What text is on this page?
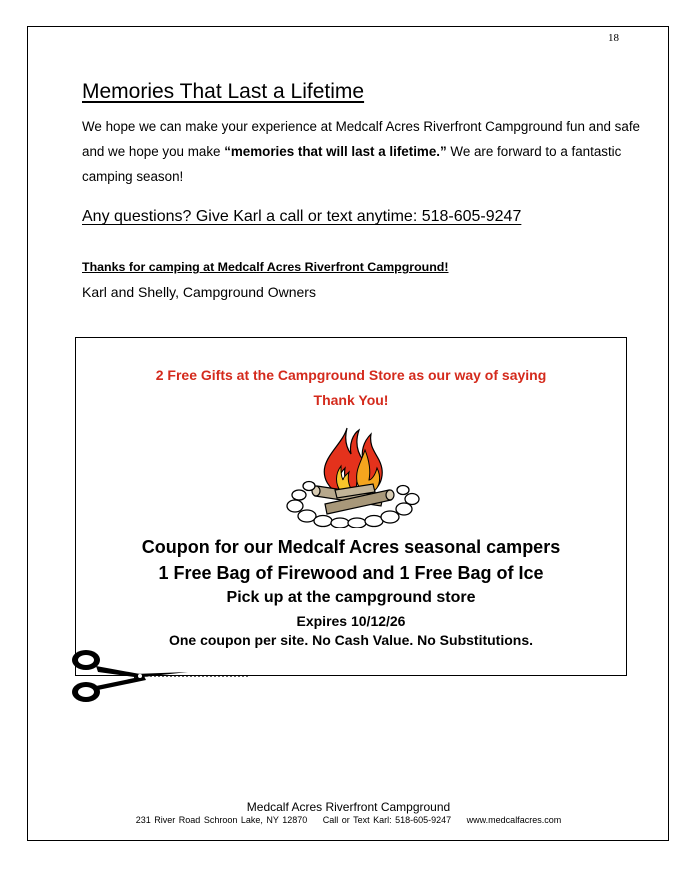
18
Memories That Last a Lifetime
We hope we can make your experience at Medcalf Acres Riverfront Campground fun and safe and we hope you make “memories that will last a lifetime.” We are forward to a fantastic camping season!
Any questions? Give Karl a call or text anytime: 518-605-9247
Thanks for camping at Medcalf Acres Riverfront Campground!
Karl and Shelly, Campground Owners
2 Free Gifts at the Campground Store as our way of saying
Thank You!
Coupon for our Medcalf Acres seasonal campers
1 Free Bag of Firewood and 1 Free Bag of Ice
Pick up at the campground store
Expires 10/12/26
One coupon per site. No Cash Value. No Substitutions.
Medcalf Acres Riverfront Campground
231 River Road Schroon Lake, NY 12870 Call or Text Karl: 518-605-9247 www.medcalfacres.com
